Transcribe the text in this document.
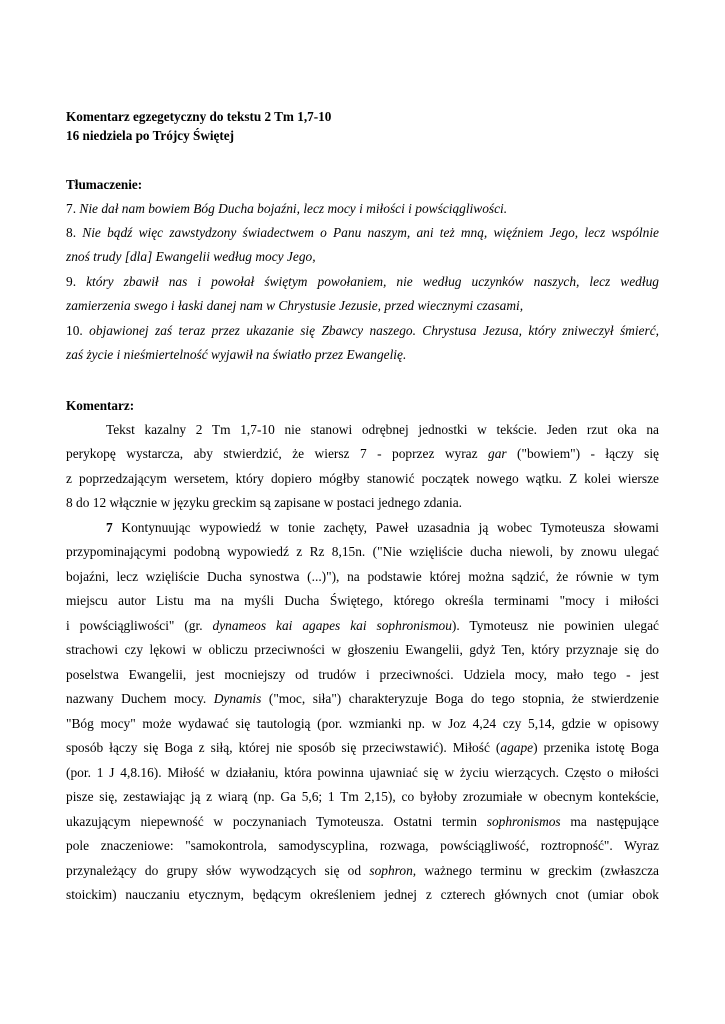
Komentarz egzegetyczny do tekstu 2 Tm 1,7-10
16 niedziela po Trójcy Świętej
Tłumaczenie:
7. Nie dał nam bowiem Bóg Ducha bojaźni, lecz mocy i miłości i powściągliwości.
8. Nie bądź więc zawstydzony świadectwem o Panu naszym, ani też mną, więźniem Jego, lecz wspólnie
znoś trudy [dla] Ewangelii według mocy Jego,
9. który zbawił nas i powołał świętym powołaniem, nie według uczynków naszych, lecz według
zamierzenia swego i łaski danej nam w Chrystusie Jezusie, przed wiecznymi czasami,
10. objawionej zaś teraz przez ukazanie się Zbawcy naszego. Chrystusa Jezusa, który zniweczył śmierć,
zaś życie i nieśmiertelność wyjawił na światło przez Ewangelię.
Komentarz:
Tekst kazalny 2 Tm 1,7-10 nie stanowi odrębnej jednostki w tekście. Jeden rzut oka na
perykopę wystarcza, aby stwierdzić, że wiersz 7 - poprzez wyraz gar ("bowiem") - łączy się
z poprzedzającym wersetem, który dopiero mógłby stanowić początek nowego wątku. Z kolei wiersze
8 do 12 włącznie w języku greckim są zapisane w postaci jednego zdania.
7 Kontynuując wypowiedź w tonie zachęty, Paweł uzasadnia ją wobec Tymoteusza słowami
przypominającymi podobną wypowiedź z Rz 8,15n. ("Nie wzięliście ducha niewoli, by znowu ulegać
bojaźni, lecz wzięliście Ducha synostwa (...)"), na podstawie której można sądzić, że równie w tym
miejscu autor Listu ma na myśli Ducha Świętego, którego określa terminami "mocy i miłości
i powściągliwości" (gr. dynameos kai agapes kai sophronismou). Tymoteusz nie powinien ulegać
strachowi czy lękowi w obliczu przeciwności w głoszeniu Ewangelii, gdyż Ten, który przyznaje się do
poselstwa Ewangelii, jest mocniejszy od trudów i przeciwności. Udziela mocy, mało tego - jest
nazwany Duchem mocy. Dynamis ("moc, siła") charakteryzuje Boga do tego stopnia, że stwierdzenie
"Bóg mocy" może wydawać się tautologią (por. wzmianki np. w Joz 4,24 czy 5,14, gdzie w opisowy
sposób łączy się Boga z siłą, której nie sposób się przeciwstawić). Miłość (agape) przenika istotę Boga
(por. 1 J 4,8.16). Miłość w działaniu, która powinna ujawniać się w życiu wierzących. Często o miłości
pisze się, zestawiając ją z wiarą (np. Ga 5,6; 1 Tm 2,15), co byłoby zrozumiałe w obecnym kontekście,
ukazującym niepewność w poczynaniach Tymoteusza. Ostatni termin sophronismos ma następujące
pole znaczeniowe: "samokontrola, samodyscyplina, rozwaga, powściągliwość, roztropność". Wyraz
przynależący do grupy słów wywodzących się od sophron, ważnego terminu w greckim (zwłaszcza
stoickim) nauczaniu etycznym, będącym określeniem jednej z czterech głównych cnot (umiar obok
